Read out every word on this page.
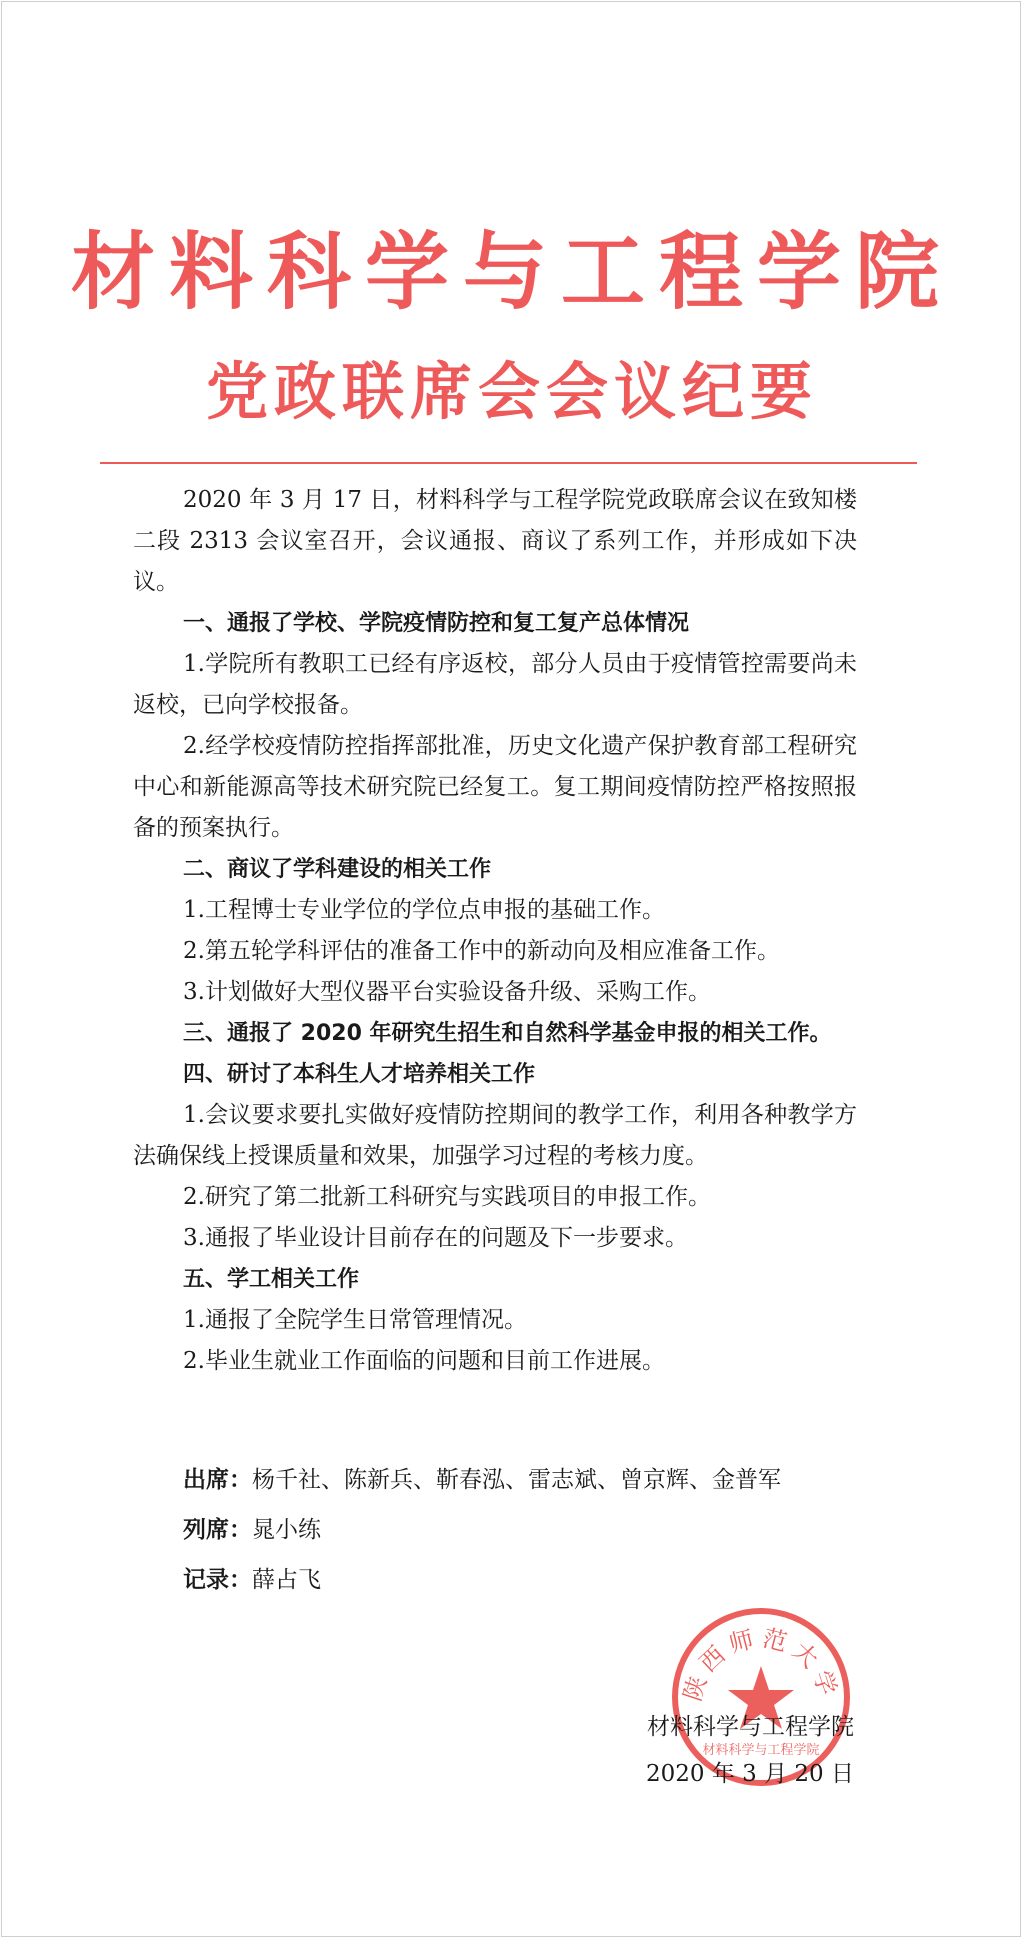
材料科学与工程学院
党政联席会会议纪要

2020 年 3 月 17 日，材料科学与工程学院党政联席会议在致知楼二段 2313 会议室召开，会议通报、商议了系列工作，并形成如下决议。

一、通报了学校、学院疫情防控和复工复产总体情况

1.学院所有教职工已经有序返校，部分人员由于疫情管控需要尚未返校，已向学校报备。

2.经学校疫情防控指挥部批准，历史文化遗产保护教育部工程研究中心和新能源高等技术研究院已经复工。复工期间疫情防控严格按照报备的预案执行。

二、商议了学科建设的相关工作

1.工程博士专业学位的学位点申报的基础工作。

2.第五轮学科评估的准备工作中的新动向及相应准备工作。

3.计划做好大型仪器平台实验设备升级、采购工作。

三、通报了 2020 年研究生招生和自然科学基金申报的相关工作。

四、研讨了本科生人才培养相关工作

1.会议要求要扎实做好疫情防控期间的教学工作，利用各种教学方法确保线上授课质量和效果，加强学习过程的考核力度。

2.研究了第二批新工科研究与实践项目的申报工作。

3.通报了毕业设计目前存在的问题及下一步要求。

五、学工相关工作

1.通报了全院学生日常管理情况。

2.毕业生就业工作面临的问题和目前工作进展。

出席：杨千社、陈新兵、靳春泓、雷志斌、曾京辉、金普军
列席：晁小练
记录：薛占飞
陕西师范大学
材料科学与工程学院
材料科学与工程学院
2020 年 3 月 20 日
